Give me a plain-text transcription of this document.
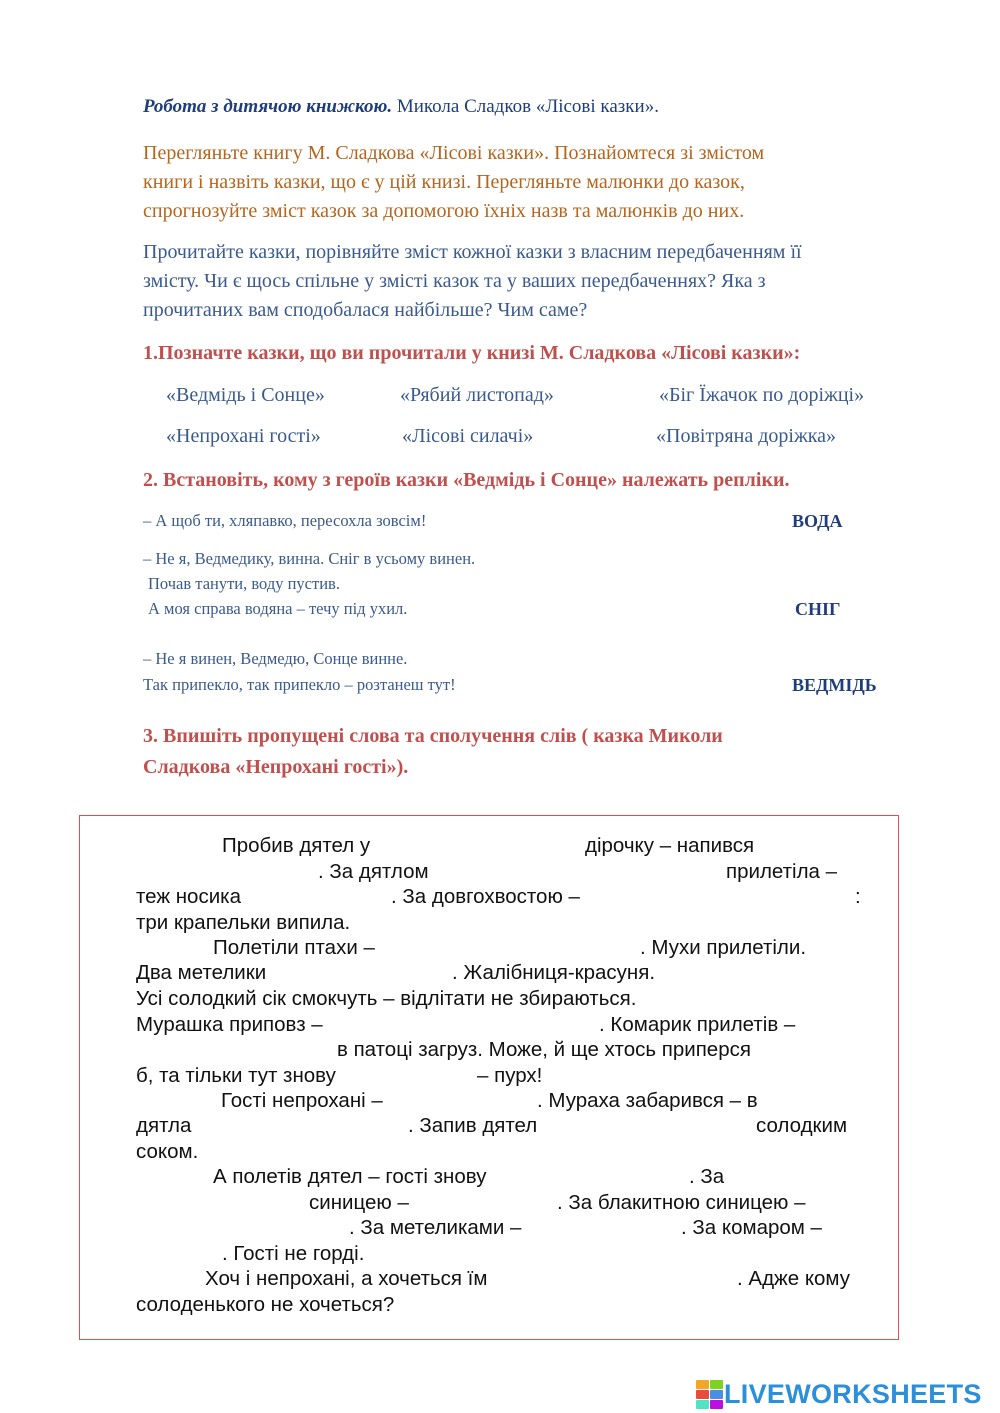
Робота з дитячою книжкою. Микола Сладков «Лісові казки».
Перегляньте книгу М. Сладкова «Лісові казки». Познайомтеся зі змістом
книги і назвіть казки, що є у цій книзі. Перегляньте малюнки до казок,
спрогнозуйте зміст казок за допомогою їхніх назв та малюнків до них.
Прочитайте казки, порівняйте зміст кожної казки з власним передбаченням її
змісту. Чи є щось спільне у змісті казок та у ваших передбаченнях? Яка з
прочитаних вам сподобалася найбільше? Чим саме?
1.Позначте казки, що ви прочитали у книзі М. Сладкова «Лісові казки»:
«Ведмідь і Сонце»	«Рябий листопад»	«Біг Їжачок по доріжці»
«Непрохані гості»	«Лісові силачі»	«Повітряна доріжка»
2. Встановіть, кому з героїв казки «Ведмідь і Сонце» належать репліки.
– А щоб ти, хляпавко, пересохла зовсім!	ВОДА
– Не я, Ведмедику, винна. Сніг в усьому винен.
Почав танути, воду пустив.
А моя справа водяна – течу під ухил.	СНІГ
– Не я винен, Ведмедю, Сонце винне.
Так припекло, так припекло – розтанеш тут!	ВЕДМІДЬ
3. Впишіть пропущені слова та сполучення слів ( казка Миколи
Сладкова «Непрохані гості»).
Пробив дятел у	дірочку – напився
. За дятлом	прилетіла –
теж носика	. За довгохвостою –	:
три крапельки випила.
Полетіли птахи –	. Мухи прилетіли.
Два метелики	. Жалібниця-красуня.
Усі солодкий сік смокчуть – відлітати не збираються.
Мурашка приповз –	. Комарик прилетів –
в патоці загруз. Може, й ще хтось приперся
б, та тільки тут знову	– пурх!
Гості непрохані –	. Мураха забарився – в
дятла	. Запив дятел	солодким
соком.
А полетів дятел – гості знову	. За
синицею –	. За блакитною синицею –
. За метеликами –	. За комаром –
. Гості не горді.
Хоч і непрохані, а хочеться їм	. Адже кому
солоденького не хочеться?
LIVEWORKSHEETS
